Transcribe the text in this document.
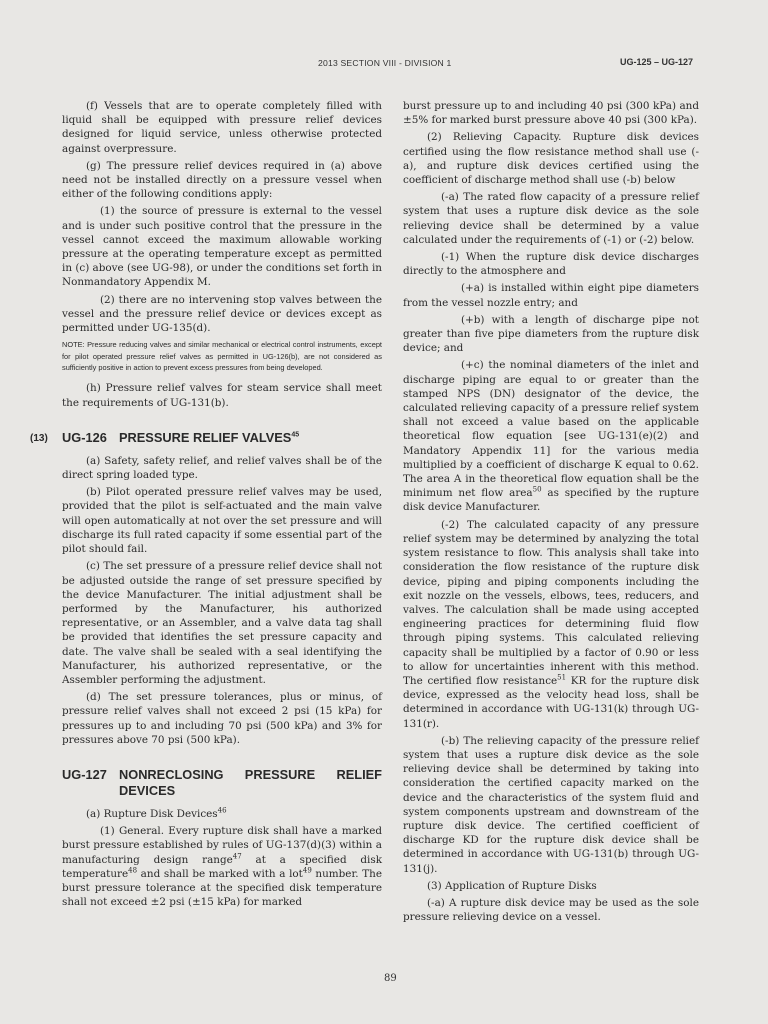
2013 SECTION VIII - DIVISION 1	UG-125 – UG-127

(f) Vessels that are to operate completely filled with liquid shall be equipped with pressure relief devices designed for liquid service, unless otherwise protected against overpressure.

(g) The pressure relief devices required in (a) above need not be installed directly on a pressure vessel when either of the following conditions apply:

(1) the source of pressure is external to the vessel and is under such positive control that the pressure in the vessel cannot exceed the maximum allowable working pressure at the operating temperature except as permitted in (c) above (see UG-98), or under the conditions set forth in Nonmandatory Appendix M.

(2) there are no intervening stop valves between the vessel and the pressure relief device or devices except as permitted under UG-135(d).

NOTE: Pressure reducing valves and similar mechanical or electrical control instruments, except for pilot operated pressure relief valves as permitted in UG-126(b), are not considered as sufficiently positive in action to prevent excess pressures from being developed.

(h) Pressure relief valves for steam service shall meet the requirements of UG-131(b).

(13) UG-126 PRESSURE RELIEF VALVES$^{45}$

(a) Safety, safety relief, and relief valves shall be of the direct spring loaded type.

(b) Pilot operated pressure relief valves may be used, provided that the pilot is self-actuated and the main valve will open automatically at not over the set pressure and will discharge its full rated capacity if some essential part of the pilot should fail.

(c) The set pressure of a pressure relief device shall not be adjusted outside the range of set pressure specified by the device Manufacturer. The initial adjustment shall be performed by the Manufacturer, his authorized representative, or an Assembler, and a valve data tag shall be provided that identifies the set pressure capacity and date. The valve shall be sealed with a seal identifying the Manufacturer, his authorized representative, or the Assembler performing the adjustment.

(d) The set pressure tolerances, plus or minus, of pressure relief valves shall not exceed 2 psi (15 kPa) for pressures up to and including 70 psi (500 kPa) and 3% for pressures above 70 psi (500 kPa).

UG-127 NONRECLOSING PRESSURE RELIEF DEVICES

(a) Rupture Disk Devices$^{46}$

(1) General. Every rupture disk shall have a marked burst pressure established by rules of UG-137(d)(3) within a manufacturing design range$^{47}$ at a specified disk temperature$^{48}$ and shall be marked with a lot$^{49}$ number. The burst pressure tolerance at the specified disk temperature shall not exceed ±2 psi (±15 kPa) for marked

burst pressure up to and including 40 psi (300 kPa) and ±5% for marked burst pressure above 40 psi (300 kPa).

(2) Relieving Capacity. Rupture disk devices certified using the flow resistance method shall use (-a), and rupture disk devices certified using the coefficient of discharge method shall use (-b) below

(-a) The rated flow capacity of a pressure relief system that uses a rupture disk device as the sole relieving device shall be determined by a value calculated under the requirements of (-1) or (-2) below.

(-1) When the rupture disk device discharges directly to the atmosphere and

(+a) is installed within eight pipe diameters from the vessel nozzle entry; and

(+b) with a length of discharge pipe not greater than five pipe diameters from the rupture disk device; and

(+c) the nominal diameters of the inlet and discharge piping are equal to or greater than the stamped NPS (DN) designator of the device, the calculated relieving capacity of a pressure relief system shall not exceed a value based on the applicable theoretical flow equation [see UG-131(e)(2) and Mandatory Appendix 11] for the various media multiplied by a coefficient of discharge K equal to 0.62. The area A in the theoretical flow equation shall be the minimum net flow area$^{50}$ as specified by the rupture disk device Manufacturer.

(-2) The calculated capacity of any pressure relief system may be determined by analyzing the total system resistance to flow. This analysis shall take into consideration the flow resistance of the rupture disk device, piping and piping components including the exit nozzle on the vessels, elbows, tees, reducers, and valves. The calculation shall be made using accepted engineering practices for determining fluid flow through piping systems. This calculated relieving capacity shall be multiplied by a factor of 0.90 or less to allow for uncertainties inherent with this method. The certified flow resistance$^{51}$ KR for the rupture disk device, expressed as the velocity head loss, shall be determined in accordance with UG-131(k) through UG-131(r).

(-b) The relieving capacity of the pressure relief system that uses a rupture disk device as the sole relieving device shall be determined by taking into consideration the certified capacity marked on the device and the characteristics of the system fluid and system components upstream and downstream of the rupture disk device. The certified coefficient of discharge KD for the rupture disk device shall be determined in accordance with UG-131(b) through UG-131(j).

(3) Application of Rupture Disks

(-a) A rupture disk device may be used as the sole pressure relieving device on a vessel.

89
